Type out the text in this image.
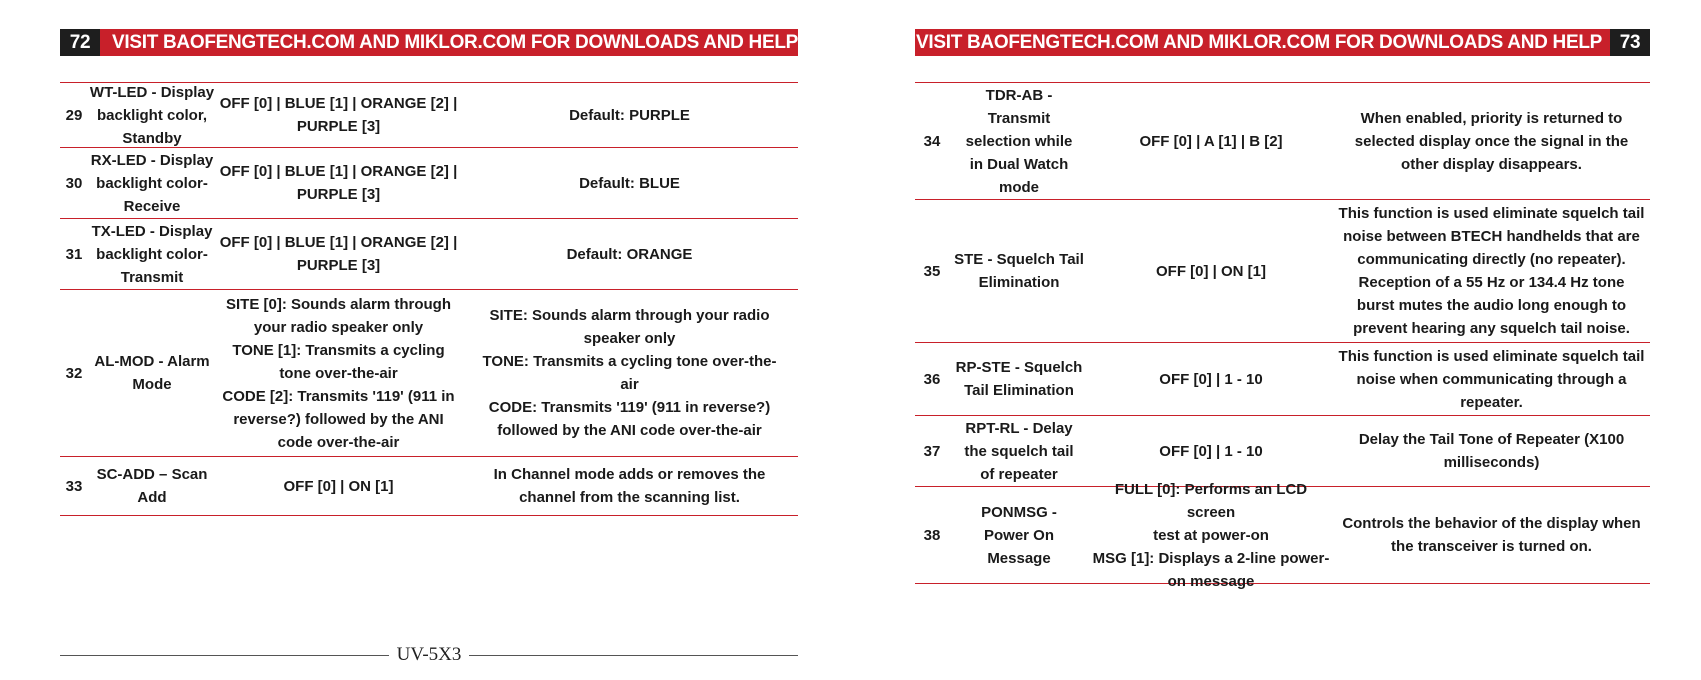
72	VISIT BAOFENGTECH.COM AND MIKLOR.COM FOR DOWNLOADS AND HELP
29
WT-LED - Display
backlight color,
Standby
OFF [0] | BLUE [1] | ORANGE [2] |
PURPLE [3]
Default: PURPLE
30
RX-LED - Display
backlight color-
Receive
OFF [0] | BLUE [1] | ORANGE [2] |
PURPLE [3]
Default: BLUE
31
TX-LED - Display
backlight color-
Transmit
OFF [0] | BLUE [1] | ORANGE [2] |
PURPLE [3]
Default: ORANGE
32
AL-MOD - Alarm
Mode
SITE [0]: Sounds alarm through
your radio speaker only
TONE [1]: Transmits a cycling
tone over-the-air
CODE [2]: Transmits '119' (911 in
reverse?) followed by the ANI
code over-the-air
SITE: Sounds alarm through your radio
speaker only
TONE: Transmits a cycling tone over-the-
air
CODE: Transmits '119' (911 in reverse?)
followed by the ANI code over-the-air
33
SC-ADD – Scan
Add
OFF [0] | ON [1]
In Channel mode adds or removes the
channel from the scanning list.
UV-5X3
VISIT BAOFENGTECH.COM AND MIKLOR.COM FOR DOWNLOADS AND HELP 73
34
TDR-AB -
Transmit
selection while
in Dual Watch
mode
OFF [0] | A [1] | B [2]
When enabled, priority is returned to
selected display once the signal in the
other display disappears.
35
STE - Squelch Tail
Elimination
OFF [0] | ON [1]
This function is used eliminate squelch tail
noise between BTECH handhelds that are
communicating directly (no repeater).
Reception of a 55 Hz or 134.4 Hz tone
burst mutes the audio long enough to
prevent hearing any squelch tail noise.
36
RP-STE - Squelch
Tail Elimination
OFF [0] | 1 - 10
This function is used eliminate squelch tail
noise when communicating through a
repeater.
37
RPT-RL - Delay
the squelch tail
of repeater
OFF [0] | 1 - 10
Delay the Tail Tone of Repeater (X100
milliseconds)
38
PONMSG -
Power On
Message
FULL [0]: Performs an LCD screen
test at power-on
MSG [1]: Displays a 2-line power-
on message
Controls the behavior of the display when
the transceiver is turned on.
